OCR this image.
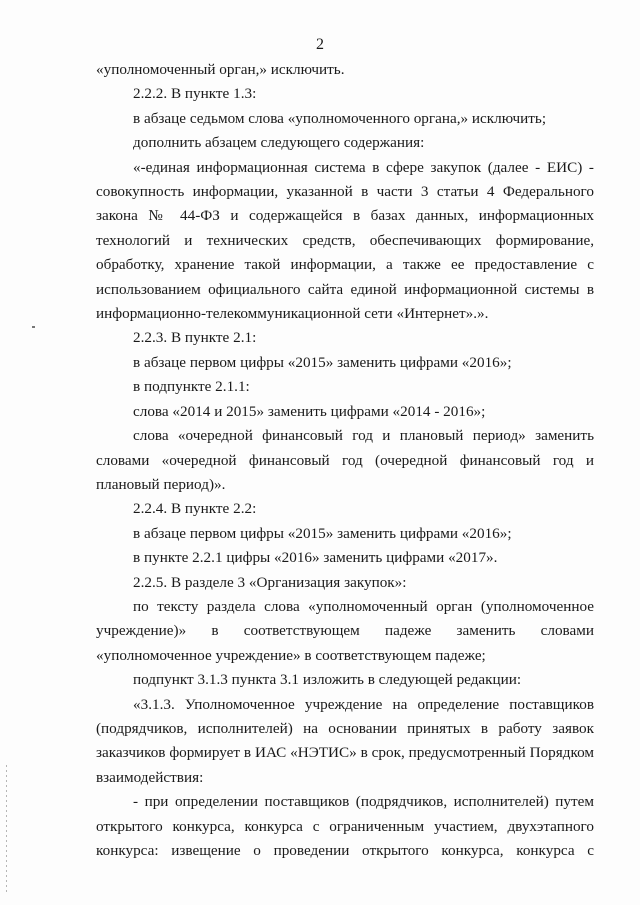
2

«уполномоченный орган,» исключить.

2.2.2. В пункте 1.3:

в абзаце седьмом слова «уполномоченного органа,» исключить;

дополнить абзацем следующего содержания:

«-единая информационная система в сфере закупок (далее - ЕИС) - совокупность информации, указанной в части 3 статьи 4 Федерального закона № 44-ФЗ и содержащейся в базах данных, информационных технологий и технических средств, обеспечивающих формирование, обработку, хранение такой информации, а также ее предоставление с использованием официального сайта единой информационной системы в информационно-телекоммуникационной сети «Интернет».».

2.2.3. В пункте 2.1:

в абзаце первом цифры «2015» заменить цифрами «2016»;

в подпункте 2.1.1:

слова «2014 и 2015» заменить цифрами «2014 - 2016»;

слова «очередной финансовый год и плановый период» заменить словами «очередной финансовый год (очередной финансовый год и плановый период)».

2.2.4. В пункте 2.2:

в абзаце первом цифры «2015» заменить цифрами «2016»;

в пункте 2.2.1 цифры «2016» заменить цифрами «2017».

2.2.5. В разделе 3 «Организация закупок»:

по тексту раздела слова «уполномоченный орган (уполномоченное учреждение)» в соответствующем падеже заменить словами «уполномоченное учреждение» в соответствующем падеже;

подпункт 3.1.3 пункта 3.1 изложить в следующей редакции:

«3.1.3. Уполномоченное учреждение на определение поставщиков (подрядчиков, исполнителей) на основании принятых в работу заявок заказчиков формирует в ИАС «НЭТИС» в срок, предусмотренный Порядком взаимодействия:

- при определении поставщиков (подрядчиков, исполнителей) путем открытого конкурса, конкурса с ограниченным участием, двухэтапного конкурса: извещение о проведении открытого конкурса, конкурса с
